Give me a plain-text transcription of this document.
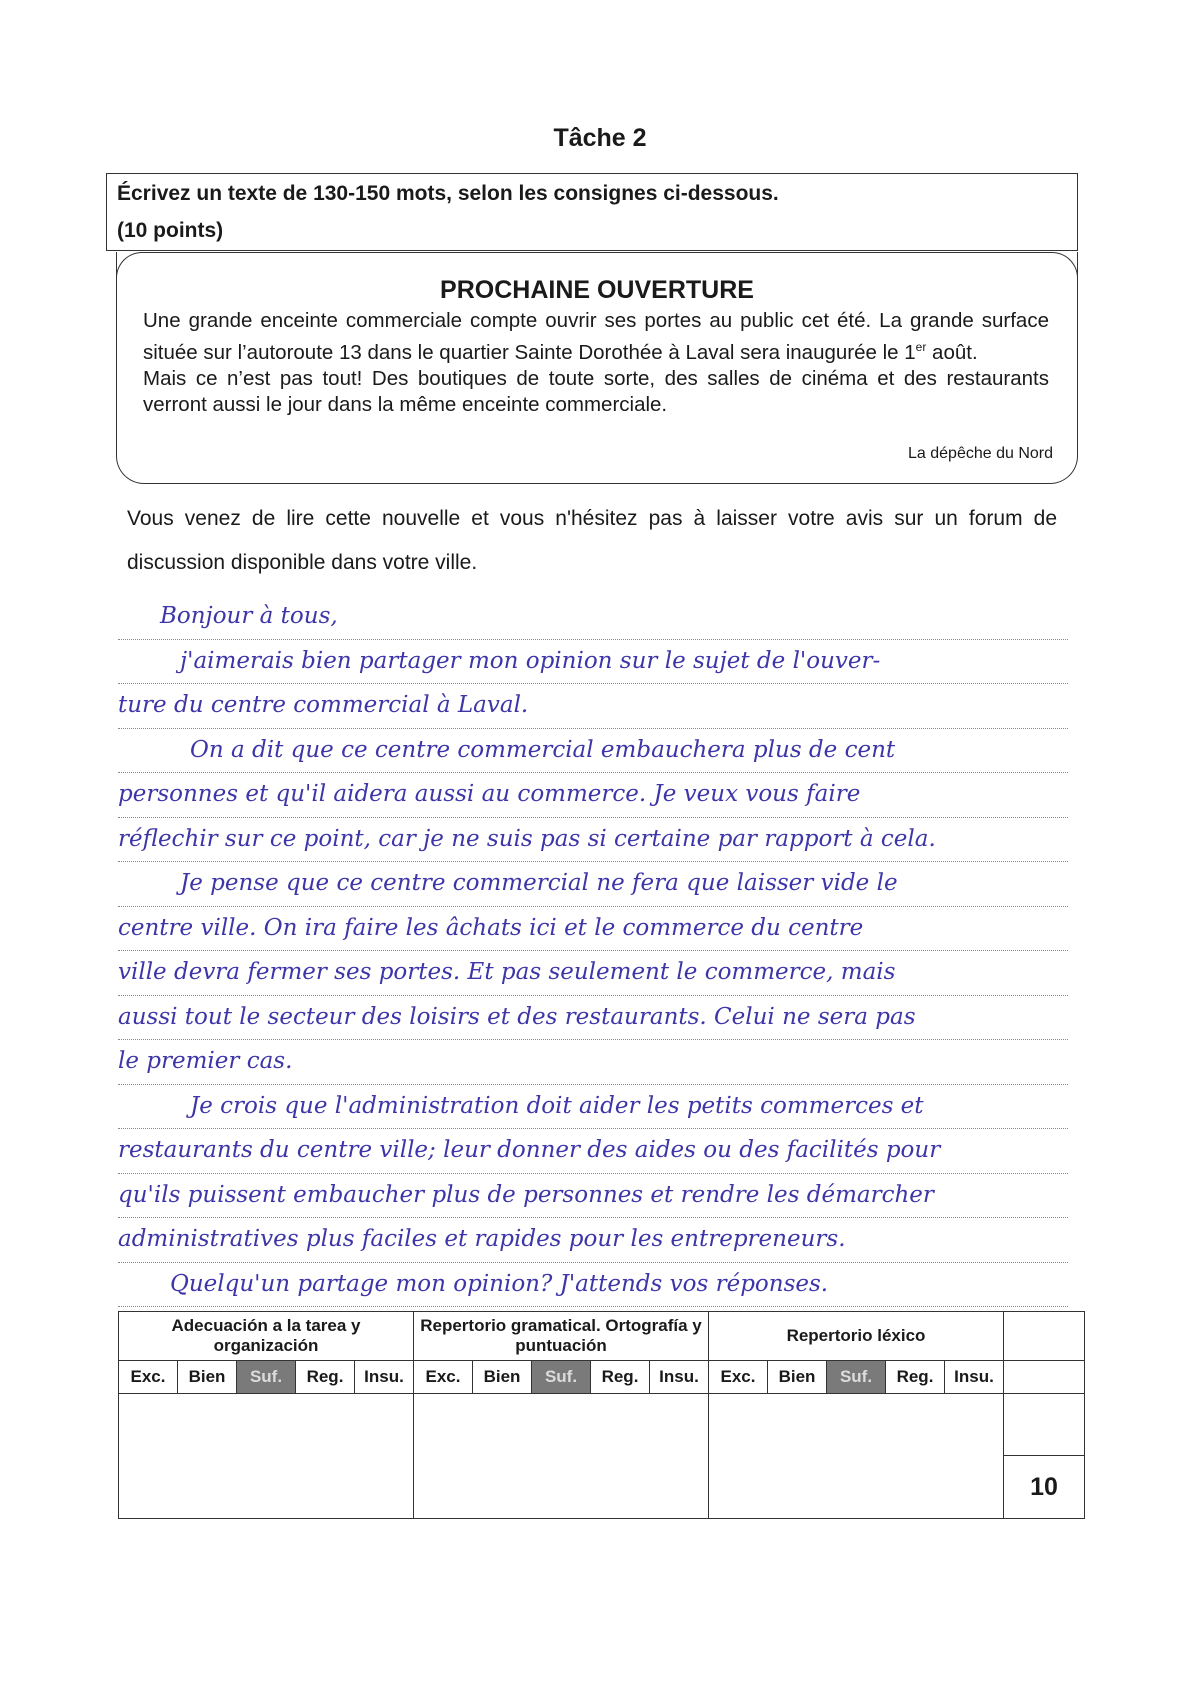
Tâche 2
Écrivez un texte de 130-150 mots, selon les consignes ci-dessous.
(10 points)
PROCHAINE OUVERTURE

Une grande enceinte commerciale compte ouvrir ses portes au public cet été. La grande surface située sur l’autoroute 13 dans le quartier Sainte Dorothée à Laval sera inaugurée le 1er août.

Mais ce n’est pas tout! Des boutiques de toute sorte, des salles de cinéma et des restaurants verront aussi le jour dans la même enceinte commerciale.

La dépêche du Nord
Vous venez de lire cette nouvelle et vous n'hésitez pas à laisser votre avis sur un forum de discussion disponible dans votre ville.
Bonjour à tous,
j'aimerais bien partager mon opinion sur le sujet de l'ouver-
ture du centre commercial à Laval.
On a dit que ce centre commercial embauchera plus de cent
personnes et qu'il aidera aussi au commerce. Je veux vous faire
réflechir sur ce point, car je ne suis pas si certaine par rapport à cela.
Je pense que ce centre commercial ne fera que laisser vide le
centre ville. On ira faire les âchats ici et le commerce du centre
ville devra fermer ses portes. Et pas seulement le commerce, mais
aussi tout le secteur des loisirs et des restaurants. Celui ne sera pas
le premier cas.
Je crois que l'administration doit aider les petits commerces et
restaurants du centre ville; leur donner des aides ou des facilités pour
qu'ils puissent embaucher plus de personnes et rendre les démarcher
administratives plus faciles et rapides pour les entrepreneurs.
Quelqu'un partage mon opinion? J'attends vos réponses.
Adecuación a la tarea y organización					Repertorio gramatical. Ortografía y puntuación					Repertorio léxico					
Exc.	Bien	Suf.	Reg.	Insu.	Exc.	Bien	Suf.	Reg.	Insu.	Exc.	Bien	Suf.	Reg.	Insu.	

															10
